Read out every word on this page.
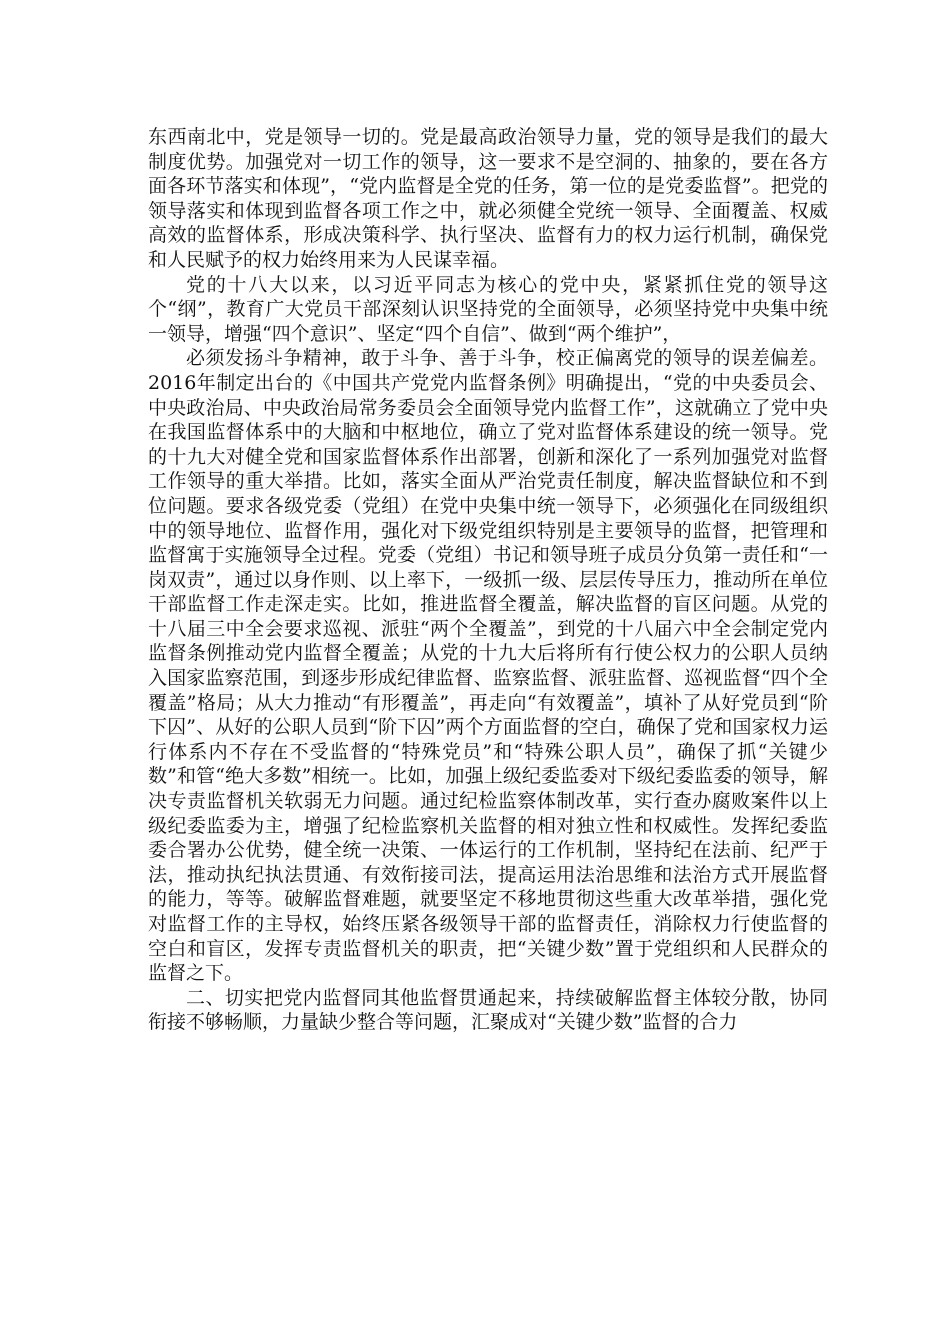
东西南北中，党是领导一切的。党是最高政治领导力量，党的领导是我们的最大制度优势。加强党对一切工作的领导，这一要求不是空洞的、抽象的，要在各方面各环节落实和体现”，“党内监督是全党的任务，第一位的是党委监督”。把党的领导落实和体现到监督各项工作之中，就必须健全党统一领导、全面覆盖、权威高效的监督体系，形成决策科学、执行坚决、监督有力的权力运行机制，确保党和人民赋予的权力始终用来为人民谋幸福。

党的十八大以来，以习近平同志为核心的党中央，紧紧抓住党的领导这个“纲”，教育广大党员干部深刻认识坚持党的全面领导，必须坚持党中央集中统一领导，增强“四个意识”、坚定“四个自信”、做到“两个维护”，

必须发扬斗争精神，敢于斗争、善于斗争，校正偏离党的领导的误差偏差。2016年制定出台的《中国共产党党内监督条例》明确提出，“党的中央委员会、中央政治局、中央政治局常务委员会全面领导党内监督工作”，这就确立了党中央在我国监督体系中的大脑和中枢地位，确立了党对监督体系建设的统一领导。党的十九大对健全党和国家监督体系作出部署，创新和深化了一系列加强党对监督工作领导的重大举措。比如，落实全面从严治党责任制度，解决监督缺位和不到位问题。要求各级党委（党组）在党中央集中统一领导下，必须强化在同级组织中的领导地位、监督作用，强化对下级党组织特别是主要领导的监督，把管理和监督寓于实施领导全过程。党委（党组）书记和领导班子成员分负第一责任和“一岗双责”，通过以身作则、以上率下，一级抓一级、层层传导压力，推动所在单位干部监督工作走深走实。比如，推进监督全覆盖，解决监督的盲区问题。从党的十八届三中全会要求巡视、派驻“两个全覆盖”，到党的十八届六中全会制定党内监督条例推动党内监督全覆盖；从党的十九大后将所有行使公权力的公职人员纳入国家监察范围，到逐步形成纪律监督、监察监督、派驻监督、巡视监督“四个全覆盖”格局；从大力推动“有形覆盖”，再走向“有效覆盖”，填补了从好党员到“阶下囚”、从好的公职人员到“阶下囚”两个方面监督的空白，确保了党和国家权力运行体系内不存在不受监督的“特殊党员”和“特殊公职人员”，确保了抓“关键少数”和管“绝大多数”相统一。比如，加强上级纪委监委对下级纪委监委的领导，解决专责监督机关软弱无力问题。通过纪检监察体制改革，实行查办腐败案件以上级纪委监委为主，增强了纪检监察机关监督的相对独立性和权威性。发挥纪委监委合署办公优势，健全统一决策、一体运行的工作机制，坚持纪在法前、纪严于法，推动执纪执法贯通、有效衔接司法，提高运用法治思维和法治方式开展监督的能力，等等。破解监督难题，就要坚定不移地贯彻这些重大改革举措，强化党对监督工作的主导权，始终压紧各级领导干部的监督责任，消除权力行使监督的空白和盲区，发挥专责监督机关的职责，把“关键少数”置于党组织和人民群众的监督之下。

二、切实把党内监督同其他监督贯通起来，持续破解监督主体较分散，协同衔接不够畅顺，力量缺少整合等问题，汇聚成对“关键少数”监督的合力
